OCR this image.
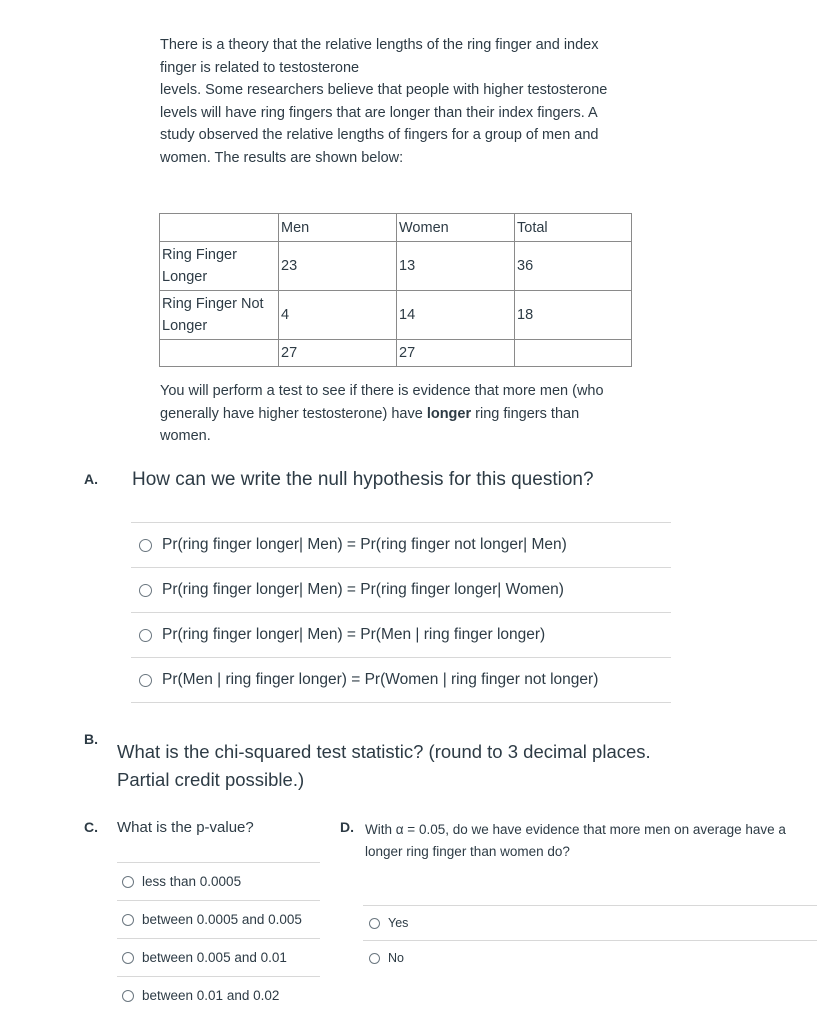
There is a theory that the relative lengths of the ring finger and index finger is related to testosterone

levels. Some researchers believe that people with higher testosterone levels will have ring fingers that are longer than their index fingers. A study observed the relative lengths of fingers for a group of men and women. The results are shown below:

	Men	Women	Total
Ring Finger Longer	23	13	36

Ring Finger Not Longer	4	14	18

	27	27	
You will perform a test to see if there is evidence that more men (who generally have higher testosterone) have longer ring fingers than women.
A. How can we write the null hypothesis for this question?
Pr(ring finger longer| Men) = Pr(ring finger not longer| Men)
Pr(ring finger longer| Men) = Pr(ring finger longer| Women)
Pr(ring finger longer| Men) = Pr(Men | ring finger longer)
Pr(Men | ring finger longer) = Pr(Women | ring finger not longer)
B.
What is the chi-squared test statistic? (round to 3 decimal places. Partial credit possible.)
C. What is the p-value?
less than 0.0005
between 0.0005 and 0.005
between 0.005 and 0.01
between 0.01 and 0.02
D. With α = 0.05, do we have evidence that more men on average have a longer ring finger than women do?
Yes
No
